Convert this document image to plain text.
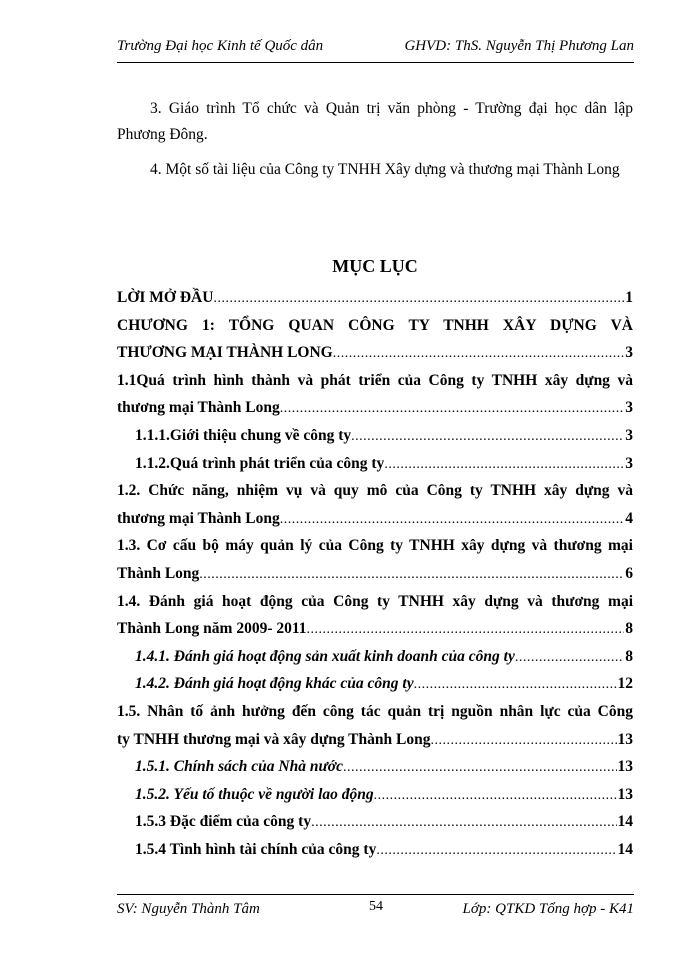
Trường Đại học Kinh tế Quốc dân	GHVD: ThS. Nguyễn Thị Phương Lan

3. Giáo trình Tổ chức và Quản trị văn phòng - Trường đại học dân lập Phương Đông.

4. Một số tài liệu của Công ty TNHH Xây dựng và thương mại Thành Long

MỤC LỤC
LỜI MỞ ĐẦU .....	1
CHƯƠNG 1: TỔNG QUAN CÔNG TY TNHH XÂY DỰNG VÀ
THƯƠNG MẠI THÀNH LONG .....	3
1.1Quá trình hình thành và phát triển của Công ty TNHH xây dựng và
thương mại Thành Long .....	3
1.1.1.Giới thiệu chung về công ty .....	3
1.1.2.Quá trình phát triển của công ty .....	3
1.2. Chức năng, nhiệm vụ và quy mô của Công ty TNHH xây dựng và
thương mại Thành Long .....	4
1.3. Cơ cấu bộ máy quản lý của Công ty TNHH xây dựng và thương mại
Thành Long .....	6
1.4. Đánh giá hoạt động của Công ty TNHH xây dựng và thương mại
Thành Long năm 2009- 2011 .....	8
1.4.1. Đánh giá hoạt động sản xuất kinh doanh của công ty .....	8
1.4.2. Đánh giá hoạt động khác của công ty .....	12
1.5. Nhân tố ảnh hưởng đến công tác quản trị nguồn nhân lực của Công
ty TNHH thương mại và xây dựng Thành Long .....	13
1.5.1. Chính sách của Nhà nước .....	13
1.5.2. Yếu tố thuộc về người lao động .....	13
1.5.3 Đặc điểm của công ty .....	14
1.5.4 Tình hình tài chính của công ty .....	14
SV: Nguyễn Thành Tâm	54	Lớp: QTKD Tổng hợp - K41
